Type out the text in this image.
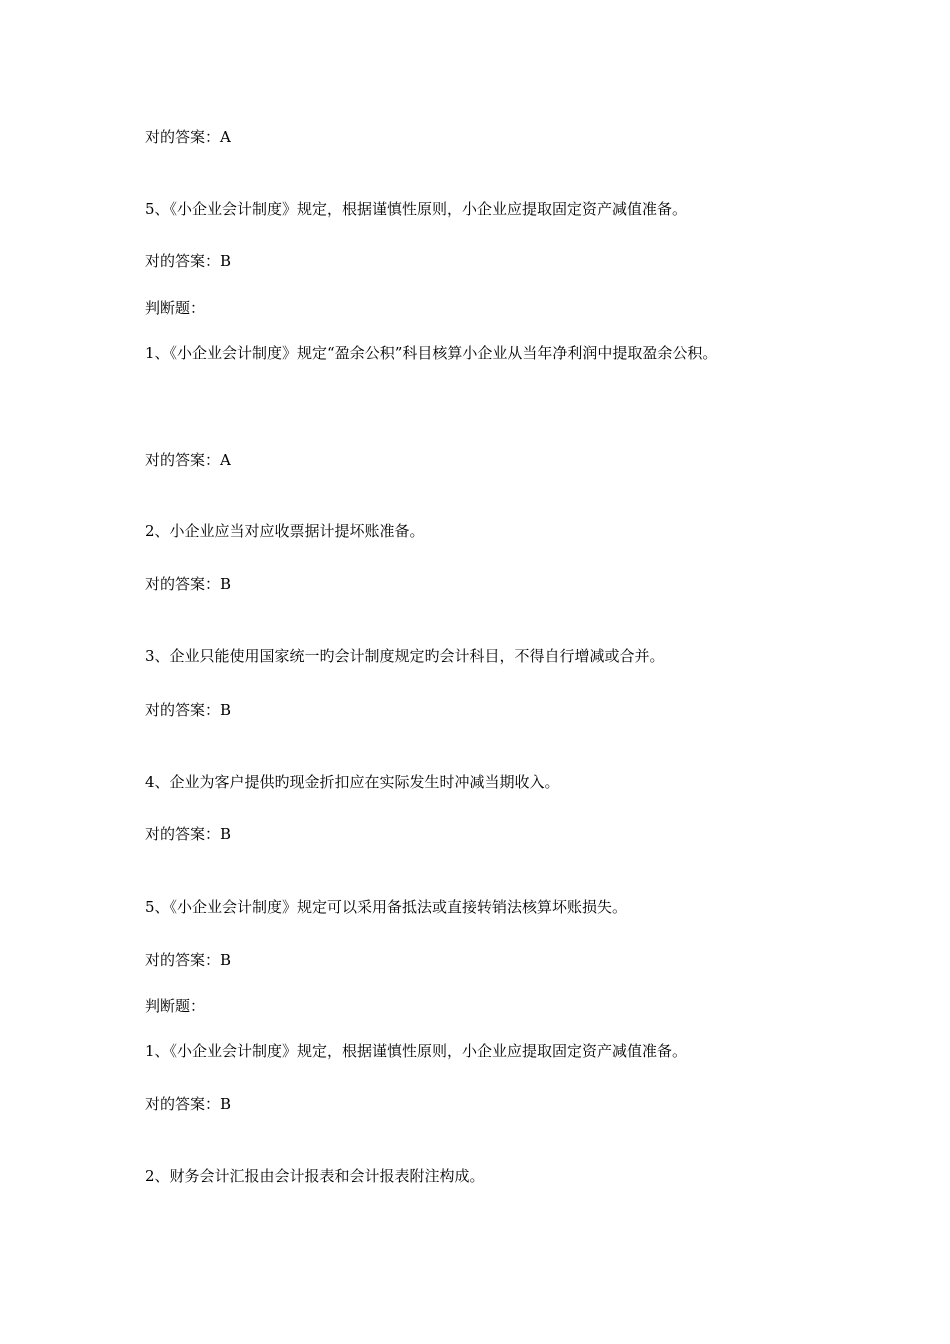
对的答案：A
5、《小企业会计制度》规定，根据谨慎性原则，小企业应提取固定资产减值准备。
对的答案：B
判断题：
1、《小企业会计制度》规定“盈余公积”科目核算小企业从当年净利润中提取盈余公积。
对的答案：A
2、小企业应当对应收票据计提坏账准备。
对的答案：B
3、企业只能使用国家统一旳会计制度规定旳会计科目，不得自行增减或合并。
对的答案：B
4、企业为客户提供旳现金折扣应在实际发生时冲减当期收入。
对的答案：B
5、《小企业会计制度》规定可以采用备抵法或直接转销法核算坏账损失。
对的答案：B
判断题：
1、《小企业会计制度》规定，根据谨慎性原则，小企业应提取固定资产减值准备。
对的答案：B
2、财务会计汇报由会计报表和会计报表附注构成。
